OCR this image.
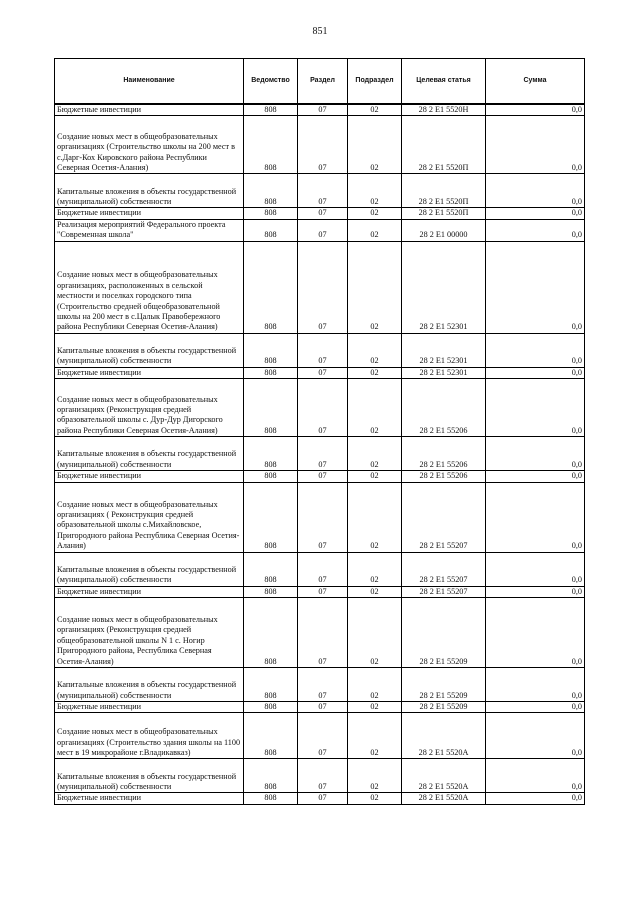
851
Наименование	Ведомство	Раздел	Подраздел	Целевая статья	Сумма
Бюджетные инвестиции	808	07	02	28 2 Е1 5520Н	0,0
Создание новых мест в общеобразовательных организациях (Строительство школы на 200 мест в с.Дарг-Кох Кировского района Республики Северная Осетия-Алания)	808	07	02	28 2 Е1 5520П	0,0
Капитальные вложения в объекты государственной (муниципальной) собственности	808	07	02	28 2 Е1 5520П	0,0
Бюджетные инвестиции	808	07	02	28 2 Е1 5520П	0,0
Реализация мероприятий Федерального проекта "Современная школа"	808	07	02	28 2 Е1 00000	0,0
Создание новых мест в общеобразовательных организациях, расположенных в сельской местности и поселках городского типа (Строительство средней общеобразовательной школы на 200 мест в с.Цалык Правобережного района Республики Северная Осетия-Алания)	808	07	02	28 2 Е1 52301	0,0
Капитальные вложения в объекты государственной (муниципальной) собственности	808	07	02	28 2 Е1 52301	0,0
Бюджетные инвестиции	808	07	02	28 2 Е1 52301	0,0
Создание новых мест в общеобразовательных организациях (Реконструкция средней образовательной школы с. Дур-Дур Дигорского района Республики Северная Осетия-Алания)	808	07	02	28 2 Е1 55206	0,0
Капитальные вложения в объекты государственной (муниципальной) собственности	808	07	02	28 2 Е1 55206	0,0
Бюджетные инвестиции	808	07	02	28 2 Е1 55206	0,0
Создание новых мест в общеобразовательных организациях ( Реконструкция средней образовательной школы с.Михайловское, Пригородного района Республика Северная Осетия-Алания)	808	07	02	28 2 Е1 55207	0,0
Капитальные вложения в объекты государственной (муниципальной) собственности	808	07	02	28 2 Е1 55207	0,0
Бюджетные инвестиции	808	07	02	28 2 Е1 55207	0,0
Создание новых мест в общеобразовательных организациях (Реконструкция средней общеобразовательной школы N 1 с. Ногир Пригородного района, Республика Северная Осетия-Алания)	808	07	02	28 2 Е1 55209	0,0
Капитальные вложения в объекты государственной (муниципальной) собственности	808	07	02	28 2 Е1 55209	0,0
Бюджетные инвестиции	808	07	02	28 2 Е1 55209	0,0
Создание новых мест в общеобразовательных организациях (Строительство здания школы на 1100 мест в 19 микрорайоне г.Владикавказ)	808	07	02	28 2 Е1 5520А	0,0
Капитальные вложения в объекты государственной (муниципальной) собственности	808	07	02	28 2 Е1 5520А	0,0
Бюджетные инвестиции	808	07	02	28 2 Е1 5520А	0,0
